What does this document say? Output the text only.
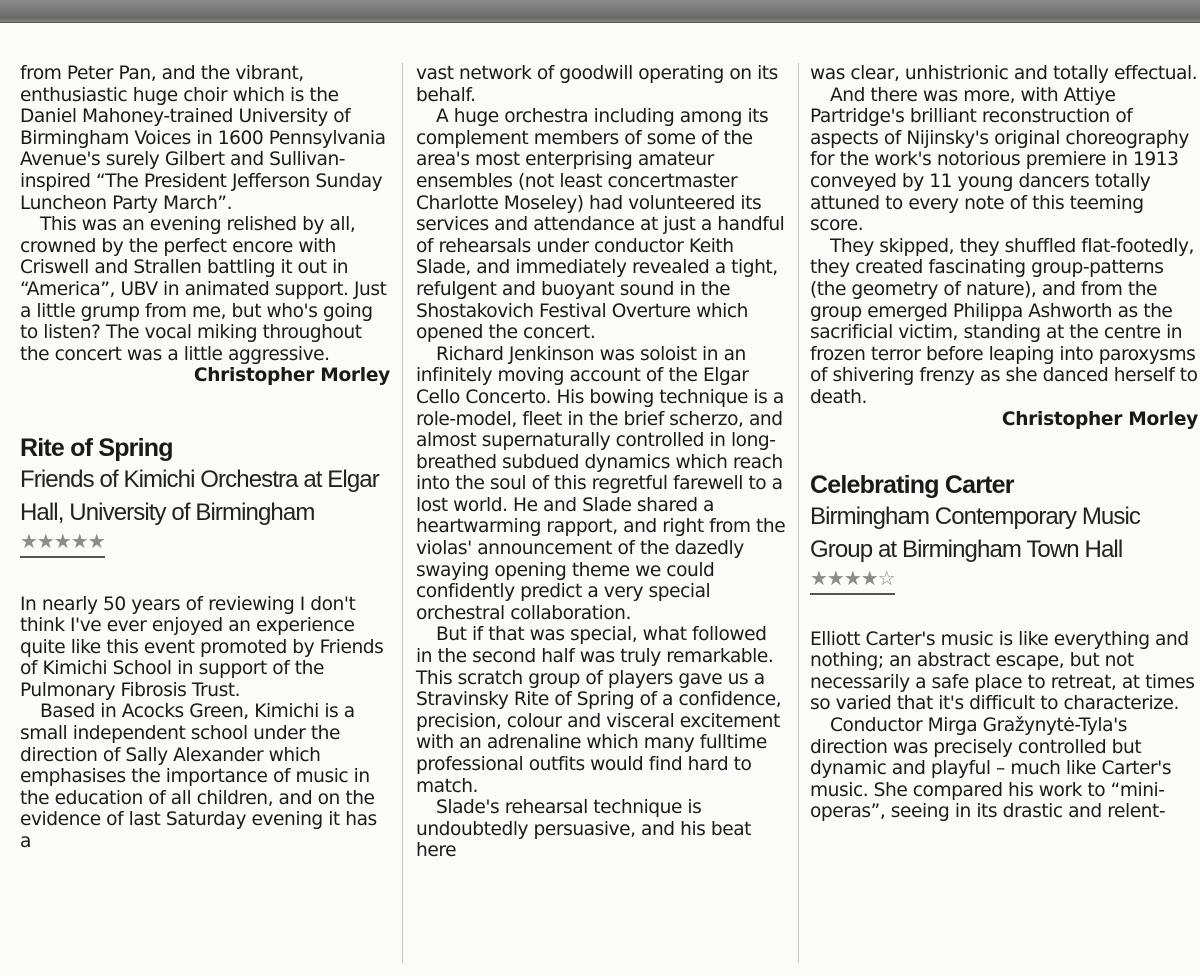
from Peter Pan, and the vibrant, enthusiastic huge choir which is the Daniel Mahoney-trained University of Birmingham Voices in 1600 Pennsylvania Avenue's surely Gilbert and Sullivan-inspired “The President Jefferson Sunday Luncheon Party March”.

This was an evening relished by all, crowned by the perfect encore with Criswell and Strallen battling it out in “America”, UBV in animated support. Just a little grump from me, but who's going to listen? The vocal miking throughout the concert was a little aggressive.

Christopher Morley

Rite of Spring

Friends of Kimichi Orchestra at Elgar Hall, University of Birmingham

★★★★★

In nearly 50 years of reviewing I don't think I've ever enjoyed an experience quite like this event promoted by Friends of Kimichi School in support of the Pulmonary Fibrosis Trust.

Based in Acocks Green, Kimichi is a small independent school under the direction of Sally Alexander which emphasises the importance of music in the education of all children, and on the evidence of last Saturday evening it has a

vast network of goodwill operating on its behalf.

A huge orchestra including among its complement members of some of the area's most enterprising amateur ensembles (not least concertmaster Charlotte Moseley) had volunteered its services and attendance at just a handful of rehearsals under conductor Keith Slade, and immediately revealed a tight, refulgent and buoyant sound in the Shostakovich Festival Overture which opened the concert.

Richard Jenkinson was soloist in an infinitely moving account of the Elgar Cello Concerto. His bowing technique is a role-model, fleet in the brief scherzo, and almost supernaturally controlled in long-breathed subdued dynamics which reach into the soul of this regretful farewell to a lost world. He and Slade shared a heartwarming rapport, and right from the violas' announcement of the dazedly swaying opening theme we could confidently predict a very special orchestral collaboration.

But if that was special, what followed in the second half was truly remarkable. This scratch group of players gave us a Stravinsky Rite of Spring of a confidence, precision, colour and visceral excitement with an adrenaline which many fulltime professional outfits would find hard to match.

Slade's rehearsal technique is undoubtedly persuasive, and his beat here

was clear, unhistrionic and totally effectual.

And there was more, with Attiye Partridge's brilliant reconstruction of aspects of Nijinsky's original choreography for the work's notorious premiere in 1913 conveyed by 11 young dancers totally attuned to every note of this teeming score.

They skipped, they shuffled flat-footedly, they created fascinating group-patterns (the geometry of nature), and from the group emerged Philippa Ashworth as the sacrificial victim, standing at the centre in frozen terror before leaping into paroxysms of shivering frenzy as she danced herself to death.

Christopher Morley

Celebrating Carter

Birmingham Contemporary Music Group at Birmingham Town Hall

★★★★☆

Elliott Carter's music is like everything and nothing; an abstract escape, but not necessarily a safe place to retreat, at times so varied that it's difficult to characterize.

Conductor Mirga Gražynytė-Tyla's direction was precisely controlled but dynamic and playful – much like Carter's music. She compared his work to “mini-operas”, seeing in its drastic and relent-
